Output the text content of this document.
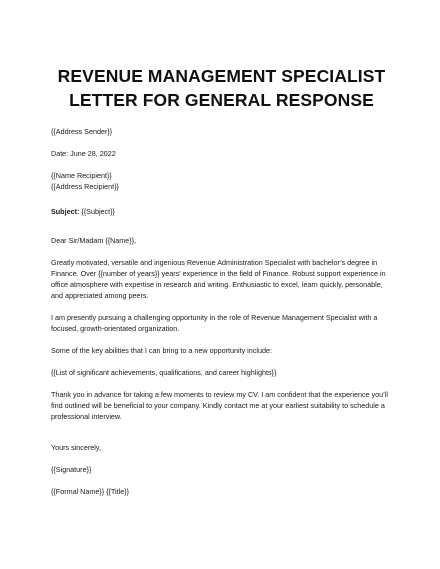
REVENUE MANAGEMENT SPECIALIST
LETTER FOR GENERAL RESPONSE

{{Address Sender}}

Date: June 28, 2022

{{Name Recipient}}

{{Address Recipient}}

Subject: {{Subject}}

Dear Sir/Madam {{Name}},

Greatly motivated, versatile and ingenious Revenue Administration Specialist with bachelor’s degree in Finance. Over {{number of years}} years' experience in the field of Finance. Robust support experience in office atmosphere with expertise in research and writing. Enthusiastic to excel, learn quickly, personable, and appreciated among peers.

I am presently pursuing a challenging opportunity in the role of Revenue Management Specialist with a focused, growth-orientated organization.

Some of the key abilities that I can bring to a new opportunity include:

{{List of significant achievements, qualifications, and career highlights}}

Thank you in advance for taking a few moments to review my CV. I am confident that the experience you’ll find outlined will be beneficial to your company. Kindly contact me at your earliest suitability to schedule a professional interview.

Yours sincerely,

{{Signature}}

{{Formal Name}} {{Title}}
